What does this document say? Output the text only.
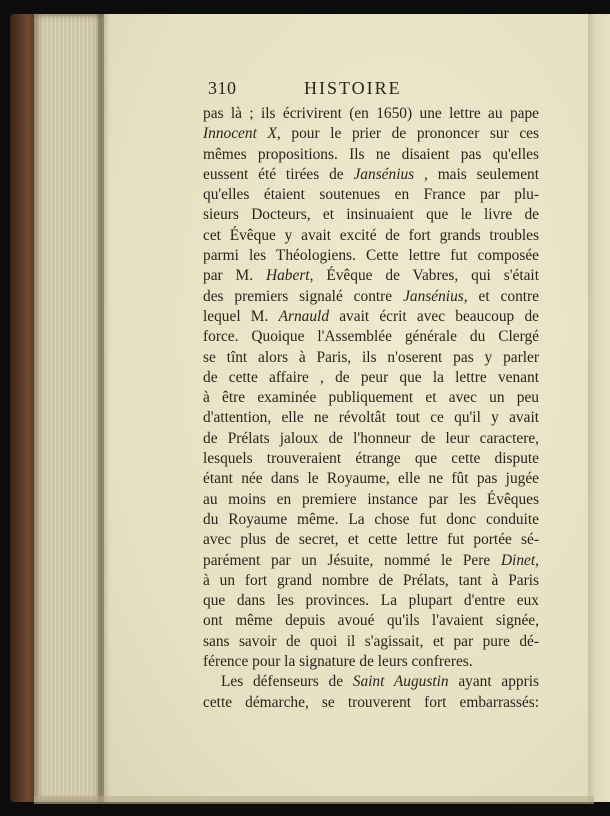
310	HISTOIRE
pas là ; ils écrivirent (en 1650) une lettre au pape
Innocent X, pour le prier de prononcer sur ces
mêmes propositions. Ils ne disaient pas qu'elles
eussent été tirées de Jansénius , mais seulement
qu'elles étaient soutenues en France par plu-
sieurs Docteurs, et insinuaient que le livre de
cet Évêque y avait excité de fort grands troubles
parmi les Théologiens. Cette lettre fut composée
par M. Habert, Évêque de Vabres, qui s'était
des premiers signalé contre Jansénius, et contre
lequel M. Arnauld avait écrit avec beaucoup de
force. Quoique l'Assemblée générale du Clergé
se tînt alors à Paris, ils n'oserent pas y parler
de cette affaire , de peur que la lettre venant
à être examinée publiquement et avec un peu
d'attention, elle ne révoltât tout ce qu'il y avait
de Prélats jaloux de l'honneur de leur caractere,
lesquels trouveraient étrange que cette dispute
étant née dans le Royaume, elle ne fût pas jugée
au moins en premiere instance par les Évêques
du Royaume même. La chose fut donc conduite
avec plus de secret, et cette lettre fut portée sé-
parément par un Jésuite, nommé le Pere Dinet,
à un fort grand nombre de Prélats, tant à Paris
que dans les provinces. La plupart d'entre eux
ont même depuis avoué qu'ils l'avaient signée,
sans savoir de quoi il s'agissait, et par pure dé-
férence pour la signature de leurs confreres.
Les défenseurs de Saint Augustin ayant appris
cette démarche, se trouverent fort embarrassés:
